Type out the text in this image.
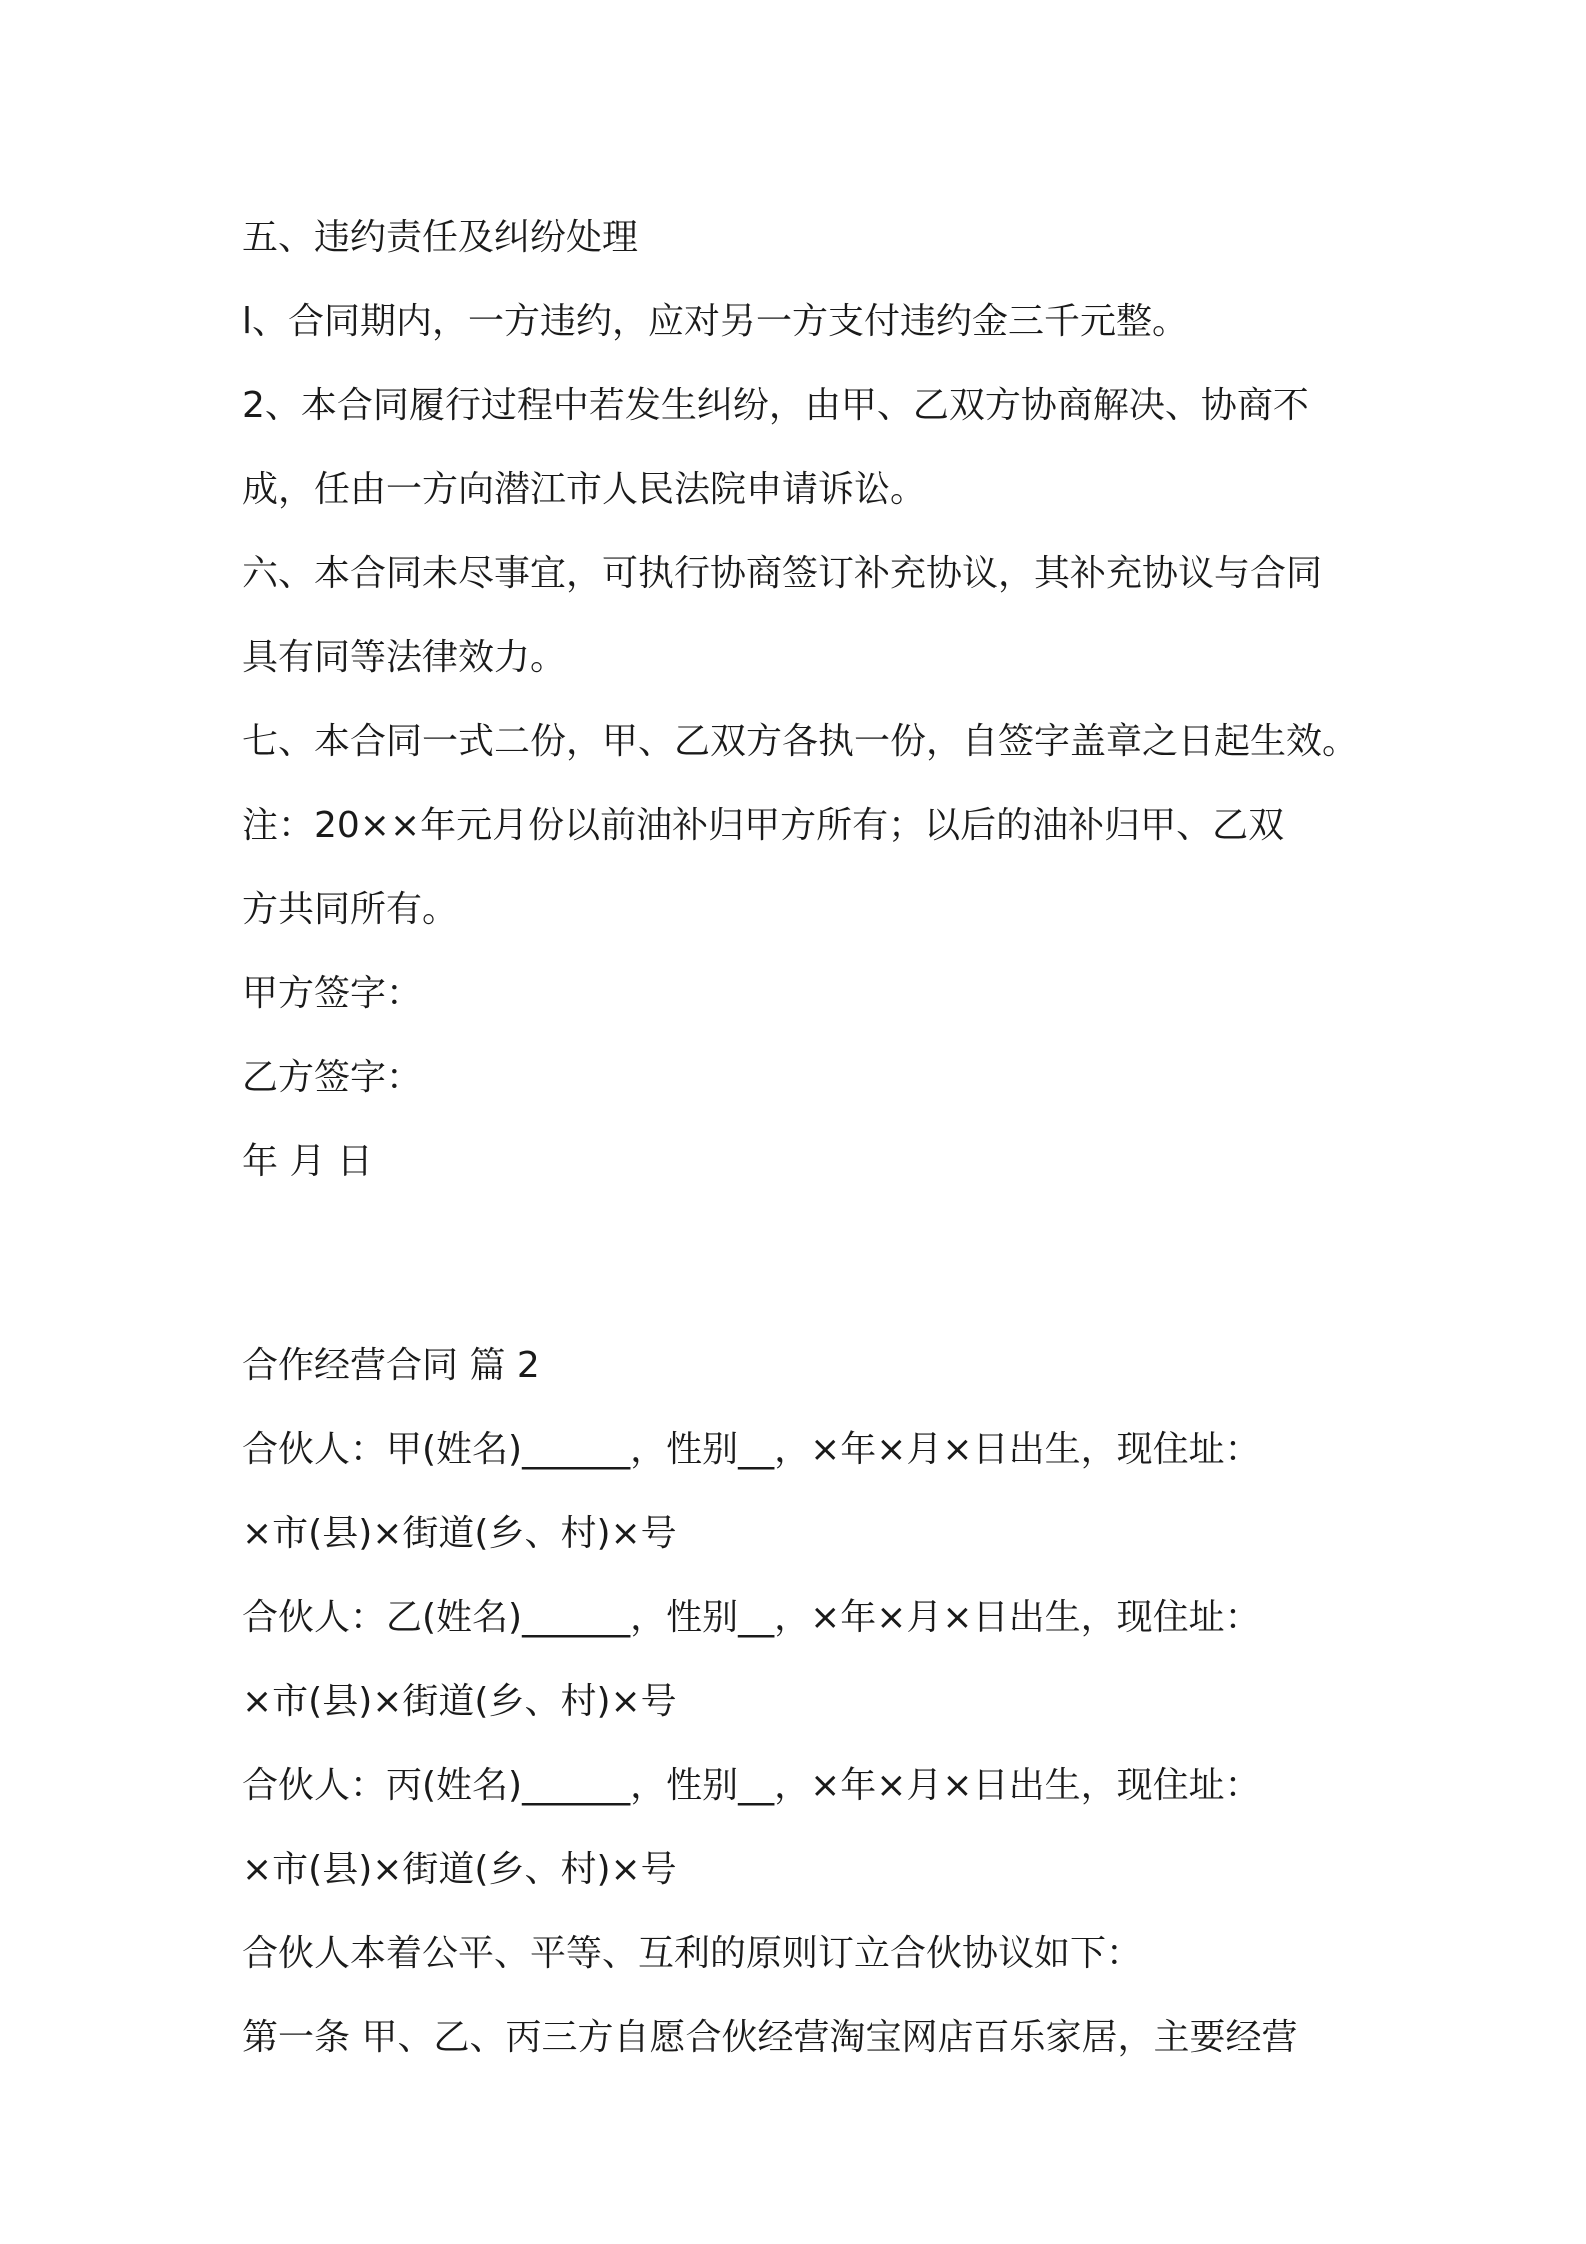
五、违约责任及纠纷处理
l、合同期内，一方违约，应对另一方支付违约金三千元整。
2、本合同履行过程中若发生纠纷，由甲、乙双方协商解决、协商不
成，任由一方向潜江市人民法院申请诉讼。
六、本合同未尽事宜，可执行协商签订补充协议，其补充协议与合同
具有同等法律效力。
七、本合同一式二份，甲、乙双方各执一份，自签字盖章之日起生效。
注：20××年元月份以前油补归甲方所有；以后的油补归甲、乙双
方共同所有。
甲方签字：
乙方签字：
年 月 日
合作经营合同 篇 2
合伙人：甲(姓名)______，性别__，×年×月×日出生，现住址：
×市(县)×街道(乡、村)×号
合伙人：乙(姓名)______，性别__，×年×月×日出生，现住址：
×市(县)×街道(乡、村)×号
合伙人：丙(姓名)______，性别__，×年×月×日出生，现住址：
×市(县)×街道(乡、村)×号
合伙人本着公平、平等、互利的原则订立合伙协议如下：
第一条 甲、乙、丙三方自愿合伙经营淘宝网店百乐家居，主要经营
